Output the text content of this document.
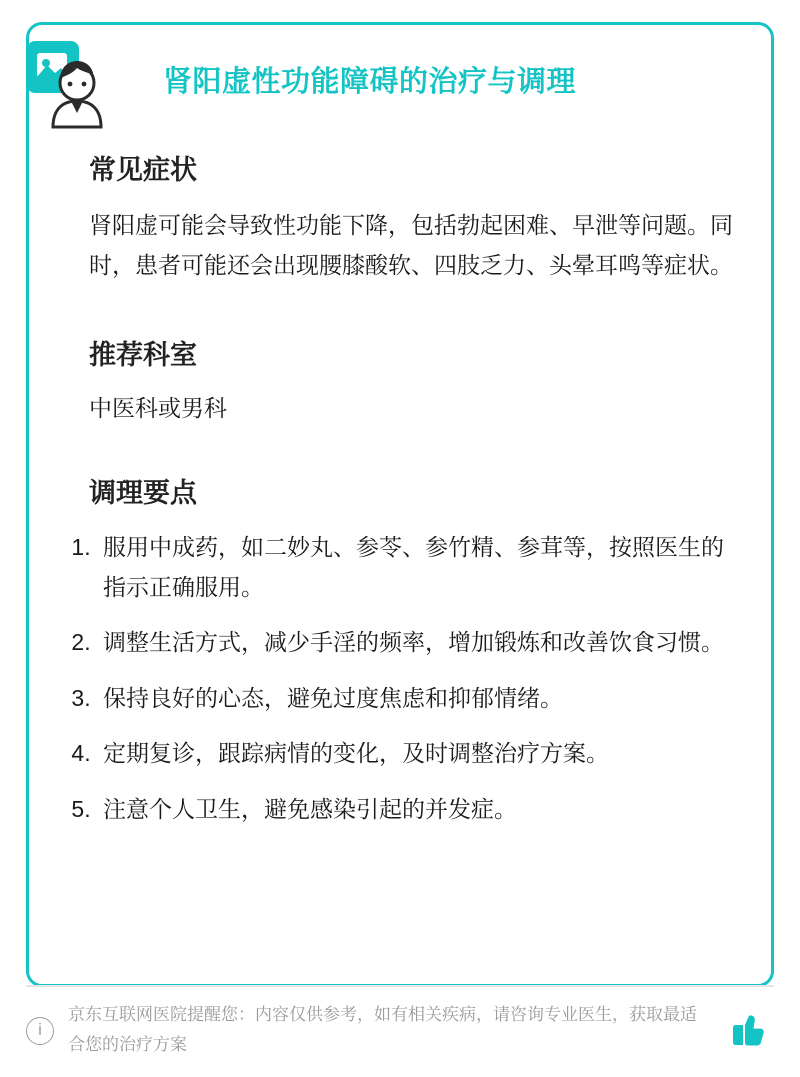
肾阳虚性功能障碍的治疗与调理
常见症状

肾阳虚可能会导致性功能下降，包括勃起困难、早泄等问题。同时，患者可能还会出现腰膝酸软、四肢乏力、头晕耳鸣等症状。

推荐科室

中医科或男科

调理要点
1. 服用中成药，如二妙丸、参苓、参竹精、参茸等，按照医生的指示正确服用。
2. 调整生活方式，减少手淫的频率，增加锻炼和改善饮食习惯。
3. 保持良好的心态，避免过度焦虑和抑郁情绪。
4. 定期复诊，跟踪病情的变化，及时调整治疗方案。
5. 注意个人卫生，避免感染引起的并发症。
i
京东互联网医院提醒您：内容仅供参考，如有相关疾病，请咨询专业医生，获取最适合您的治疗方案
